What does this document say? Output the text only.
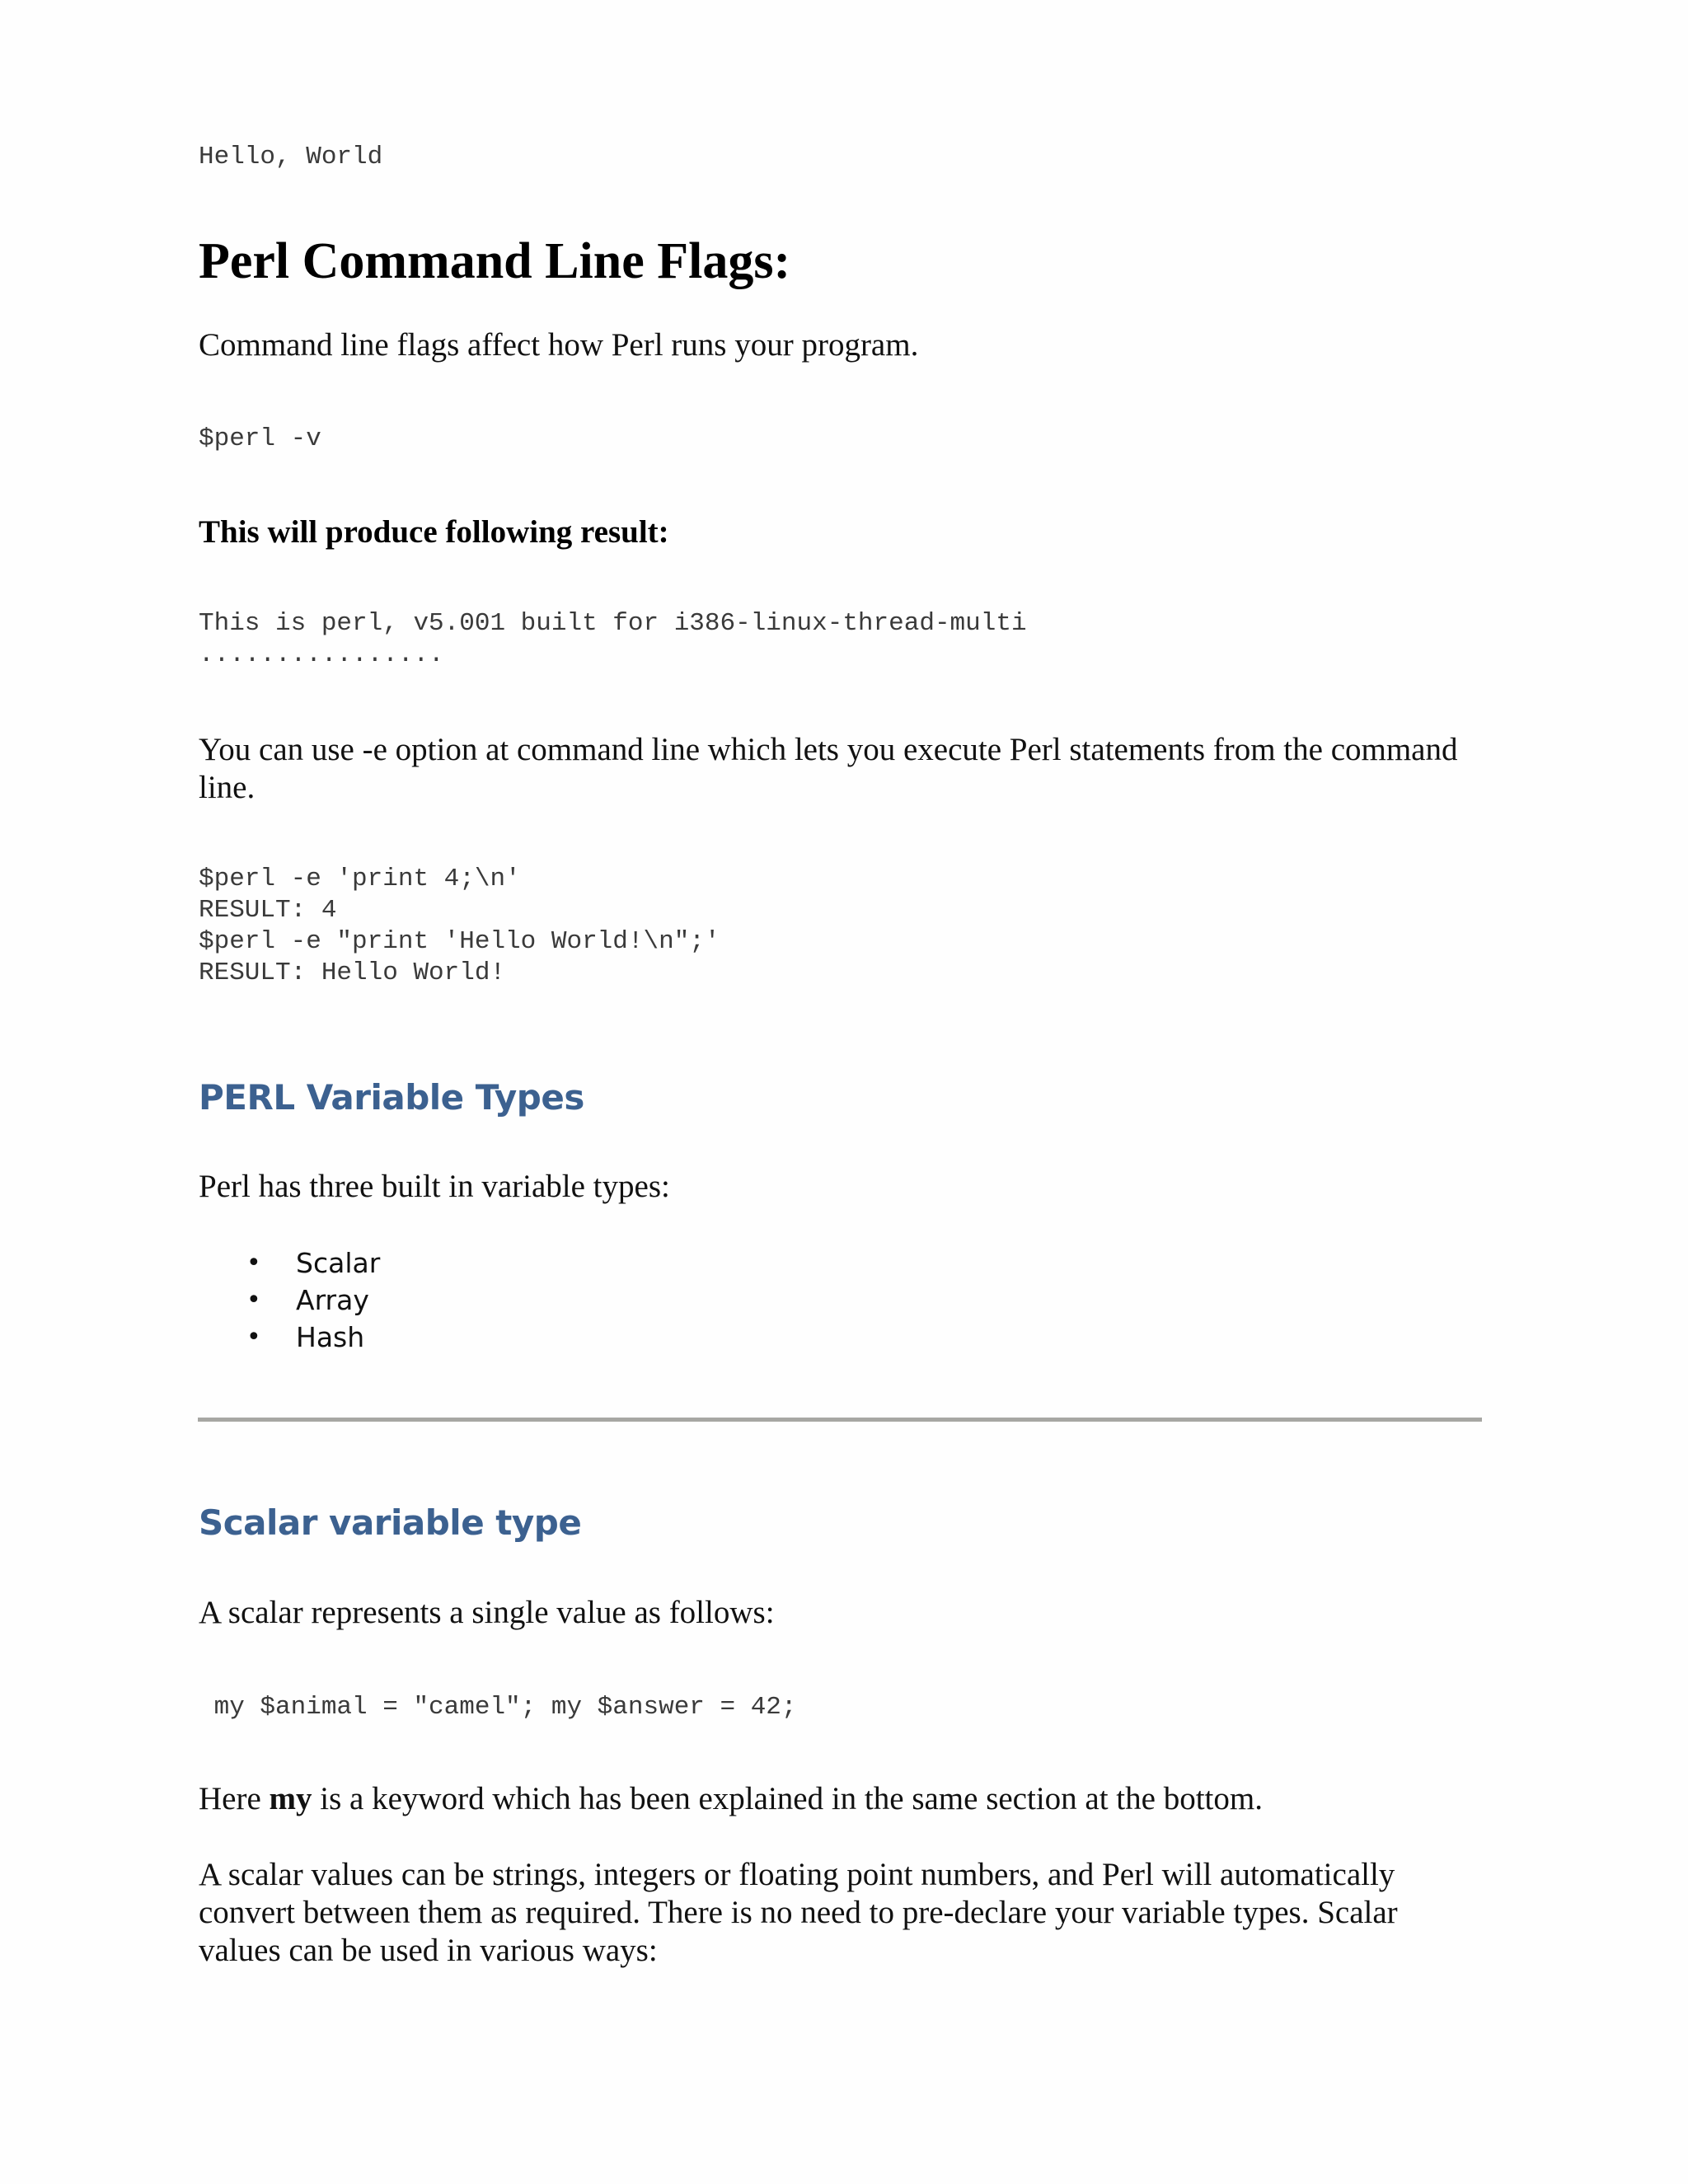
Hello, World
Perl Command Line Flags:

Command line flags affect how Perl runs your program.

$perl -v
This will produce following result:
This is perl, v5.001 built for i386-linux-thread-multi
................

You can use -e option at command line which lets you execute Perl statements from the command line.

$perl -e 'print 4;\n'
RESULT: 4
$perl -e "print 'Hello World!\n";'
RESULT: Hello World!
PERL Variable Types

Perl has three built in variable types:

• Scalar
• Array
• Hash
Scalar variable type

A scalar represents a single value as follows:

my $animal = "camel"; my $answer = 42;

Here my is a keyword which has been explained in the same section at the bottom.

A scalar values can be strings, integers or floating point numbers, and Perl will automatically convert between them as required. There is no need to pre-declare your variable types. Scalar values can be used in various ways:
